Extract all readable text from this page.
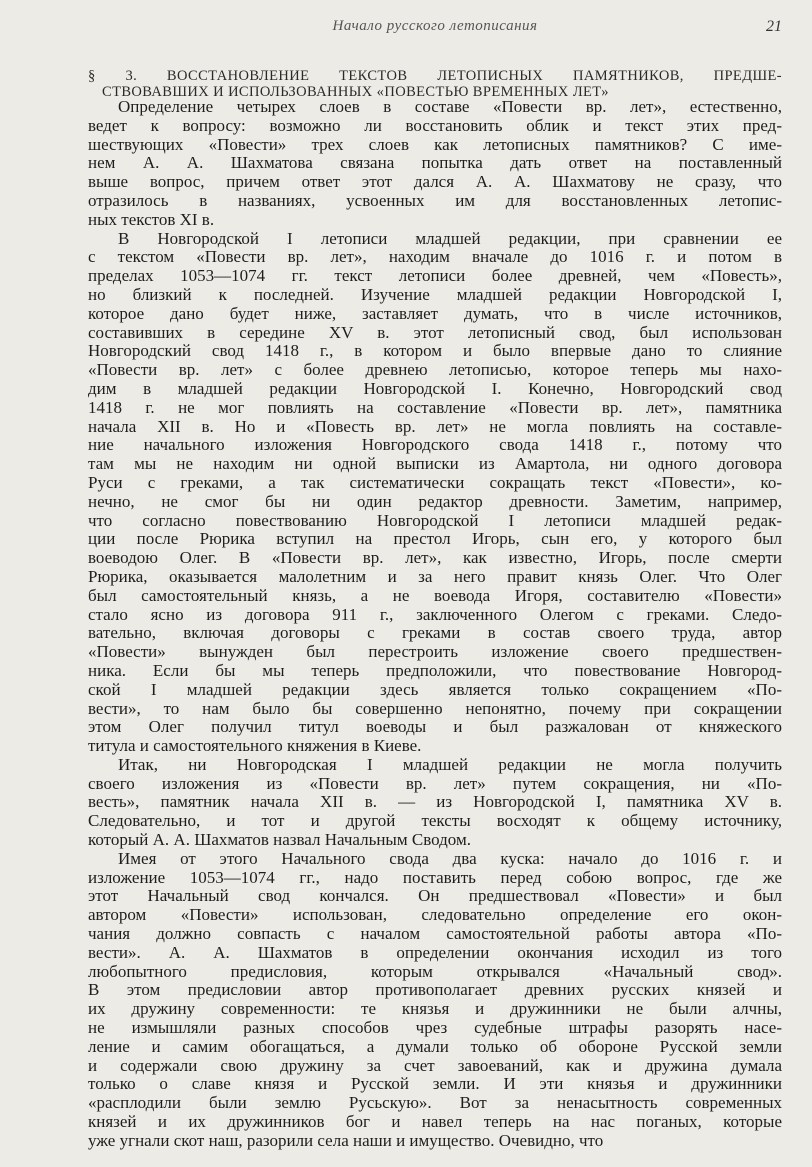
Начало русского летописания	21
§ 3. ВОССТАНОВЛЕНИЕ ТЕКСТОВ ЛЕТОПИСНЫХ ПАМЯТНИКОВ, ПРЕДШЕ-
СТВОВАВШИХ И ИСПОЛЬЗОВАННЫХ «ПОВЕСТЬЮ ВРЕМЕННЫХ ЛЕТ»
Определение четырех слоев в составе «Повести вр. лет», естественно,
ведет к вопросу: возможно ли восстановить облик и текст этих пред-
шествующих «Повести» трех слоев как летописных памятников? С име-
нем А. А. Шахматова связана попытка дать ответ на поставленный
выше вопрос, причем ответ этот дался А. А. Шахматову не сразу, что
отразилось в названиях, усвоенных им для восстановленных летопис-
ных текстов XI в.
В Новгородской I летописи младшей редакции, при сравнении ее
с текстом «Повести вр. лет», находим вначале до 1016 г. и потом в
пределах 1053—1074 гг. текст летописи более древней, чем «Повесть»,
но близкий к последней. Изучение младшей редакции Новгородской I,
которое дано будет ниже, заставляет думать, что в числе источников,
составивших в середине XV в. этот летописный свод, был использован
Новгородский свод 1418 г., в котором и было впервые дано то слияние
«Повести вр. лет» с более древнею летописью, которое теперь мы нахо-
дим в младшей редакции Новгородской I. Конечно, Новгородский свод
1418 г. не мог повлиять на составление «Повести вр. лет», памятника
начала XII в. Но и «Повесть вр. лет» не могла повлиять на составле-
ние начального изложения Новгородского свода 1418 г., потому что
там мы не находим ни одной выписки из Амартола, ни одного договора
Руси с греками, а так систематически сокращать текст «Повести», ко-
нечно, не смог бы ни один редактор древности. Заметим, например,
что согласно повествованию Новгородской I летописи младшей редак-
ции после Рюрика вступил на престол Игорь, сын его, у которого был
воеводою Олег. В «Повести вр. лет», как известно, Игорь, после смерти
Рюрика, оказывается малолетним и за него правит князь Олег. Что Олег
был самостоятельный князь, а не воевода Игоря, составителю «Повести»
стало ясно из договора 911 г., заключенного Олегом с греками. Следо-
вательно, включая договоры с греками в состав своего труда, автор
«Повести» вынужден был перестроить изложение своего предшествен-
ника. Если бы мы теперь предположили, что повествование Новгород-
ской I младшей редакции здесь является только сокращением «По-
вести», то нам было бы совершенно непонятно, почему при сокращении
этом Олег получил титул воеводы и был разжалован от княжеского
титула и самостоятельного княжения в Киеве.
Итак, ни Новгородская I младшей редакции не могла получить
своего изложения из «Повести вр. лет» путем сокращения, ни «По-
весть», памятник начала XII в. — из Новгородской I, памятника XV в.
Следовательно, и тот и другой тексты восходят к общему источнику,
который А. А. Шахматов назвал Начальным Сводом.
Имея от этого Начального свода два куска: начало до 1016 г. и
изложение 1053—1074 гг., надо поставить перед собою вопрос, где же
этот Начальный свод кончался. Он предшествовал «Повести» и был
автором «Повести» использован, следовательно определение его окон-
чания должно совпасть с началом самостоятельной работы автора «По-
вести». А. А. Шахматов в определении окончания исходил из того
любопытного предисловия, которым открывался «Начальный свод».
В этом предисловии автор противополагает древних русских князей и
их дружину современности: те князья и дружинники не были алчны,
не измышляли разных способов чрез судебные штрафы разорять насе-
ление и самим обогащаться, а думали только об обороне Русской земли
и содержали свою дружину за счет завоеваний, как и дружина думала
только о славе князя и Русской земли. И эти князья и дружинники
«расплодили были землю Русьскую». Вот за ненасытность современных
князей и их дружинников бог и навел теперь на нас поганых, которые
уже угнали скот наш, разорили села наши и имущество. Очевидно, что
